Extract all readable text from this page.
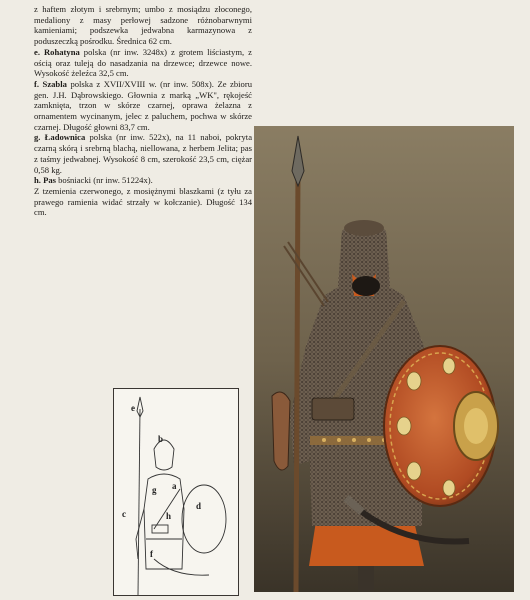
z haftem złotym i srebrnym; umbo z mosiądzu złoconego, medaliony z masy perłowej sadzone różnobarwnymi kamieniami; podszewka jedwabna karmazynowa z poduszeczką pośrodku. Średnica 62 cm.

e. Rohatyna polska (nr inw. 3248x) z grotem liściastym, z ością oraz tuleją do nasadzania na drzewce; drzewce nowe. Wysokość żeleźca 32,5 cm.

f. Szabla polska z XVII/XVIII w. (nr inw. 508x). Ze zbioru gen. J.H. Dąbrowskiego. Głownia z marką „WK", rękojeść zamknięta, trzon w skórze czarnej, oprawa żelazna z ornamentem wycinanym, jelec z paluchem, pochwa w skórze czarnej. Długość głowni 83,7 cm.

g. Ładownica polska (nr inw. 522x), na 11 naboi, pokryta czarną skórą i srebrną blachą, niellowana, z herbem Jelita; pas z taśmy jedwabnej. Wysokość 8 cm, szerokość 23,5 cm, ciężar 0,58 kg.

h. Pas bośniacki (nr inw. 51224x).

Z tzemienia czerwonego, z mosiężnymi blaszkami (z tyłu za prawego ramienia widać strzały w kołczanie). Długość 134 cm.

e
b
g a
c	h
d
f
